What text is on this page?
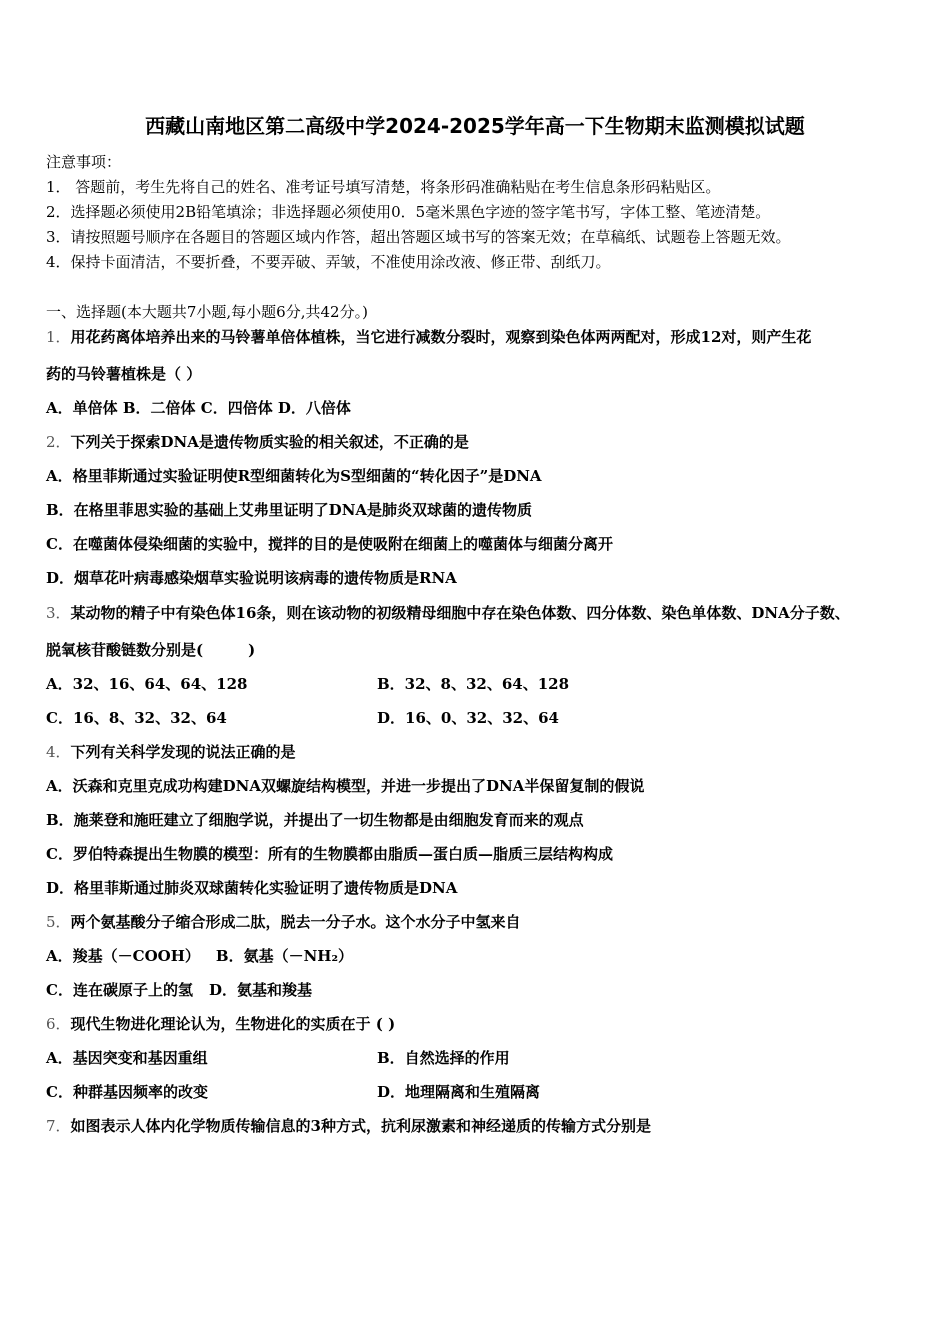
西藏山南地区第二高级中学2024-2025学年高一下生物期末监测模拟试题
注意事项：
1． 答题前，考生先将自己的姓名、准考证号填写清楚，将条形码准确粘贴在考生信息条形码粘贴区。
2．选择题必须使用2B铅笔填涂；非选择题必须使用0．5毫米黑色字迹的签字笔书写，字体工整、笔迹清楚。
3．请按照题号顺序在各题目的答题区域内作答，超出答题区域书写的答案无效；在草稿纸、试题卷上答题无效。
4．保持卡面清洁，不要折叠，不要弄破、弄皱，不准使用涂改液、修正带、刮纸刀。
一、选择题(本大题共7小题,每小题6分,共42分。)
1．用花药离体培养出来的马铃薯单倍体植株，当它进行减数分裂时，观察到染色体两两配对，形成12对，则产生花
药的马铃薯植株是（ ）
A．单倍体 B．二倍体 C．四倍体 D．八倍体
2．下列关于探索DNA是遗传物质实验的相关叙述，不正确的是
A．格里菲斯通过实验证明使R型细菌转化为S型细菌的“转化因子”是DNA
B．在格里菲思实验的基础上艾弗里证明了DNA是肺炎双球菌的遗传物质
C．在噬菌体侵染细菌的实验中，搅拌的目的是使吸附在细菌上的噬菌体与细菌分离开
D．烟草花叶病毒感染烟草实验说明该病毒的遗传物质是RNA
3．某动物的精子中有染色体16条，则在该动物的初级精母细胞中存在染色体数、四分体数、染色单体数、DNA分子数、
脱氧核苷酸链数分别是(　　　)
A．32、16、64、64、128	B．32、8、32、64、128
C．16、8、32、32、64	D．16、0、32、32、64
4．下列有关科学发现的说法正确的是
A．沃森和克里克成功构建DNA双螺旋结构模型，并进一步提出了DNA半保留复制的假说
B．施莱登和施旺建立了细胞学说，并提出了一切生物都是由细胞发育而来的观点
C．罗伯特森提出生物膜的模型：所有的生物膜都由脂质—蛋白质—脂质三层结构构成
D．格里菲斯通过肺炎双球菌转化实验证明了遗传物质是DNA
5．两个氨基酸分子缩合形成二肽，脱去一分子水。这个水分子中氢来自
A．羧基（－COOH） B．氨基（－NH₂）
C．连在碳原子上的氢 D．氨基和羧基
6．现代生物进化理论认为，生物进化的实质在于 ( )
A．基因突变和基因重组	B．自然选择的作用
C．种群基因频率的改变	D．地理隔离和生殖隔离
7．如图表示人体内化学物质传输信息的3种方式，抗利尿激素和神经递质的传输方式分别是
